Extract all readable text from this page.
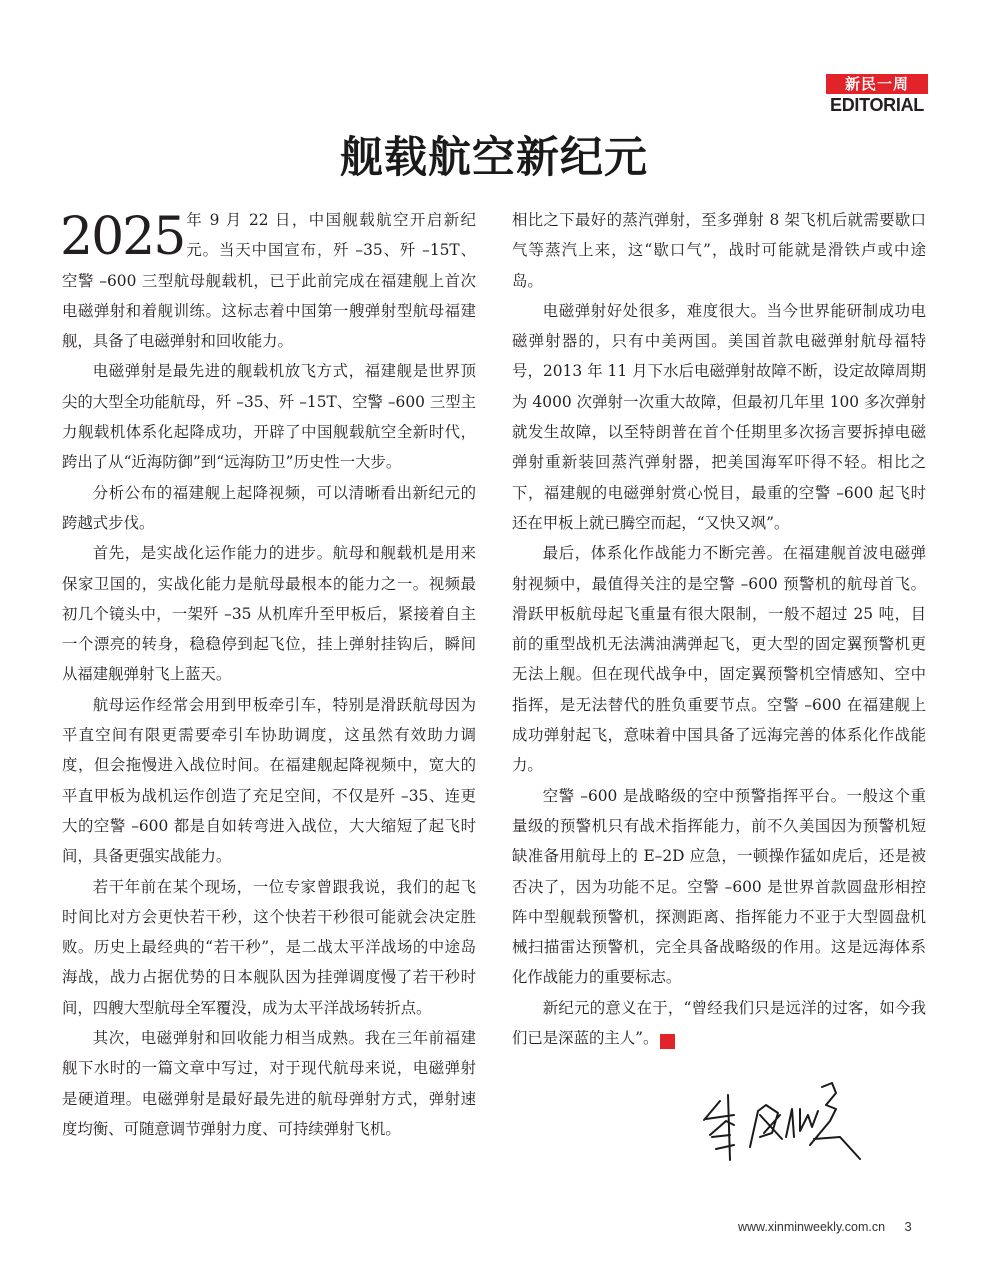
新民一周
EDITORIAL
舰载航空新纪元

2025 年 9 月 22 日，中国舰载航空开启新纪元。当天中国宣布，歼 –35、歼 –15T、空警 –600 三型航母舰载机，已于此前完成在福建舰上首次电磁弹射和着舰训练。这标志着中国第一艘弹射型航母福建舰，具备了电磁弹射和回收能力。

电磁弹射是最先进的舰载机放飞方式，福建舰是世界顶尖的大型全功能航母，歼 –35、歼 –15T、空警 –600 三型主力舰载机体系化起降成功，开辟了中国舰载航空全新时代，跨出了从“近海防御”到“远海防卫”历史性一大步。

分析公布的福建舰上起降视频，可以清晰看出新纪元的跨越式步伐。

首先，是实战化运作能力的进步。航母和舰载机是用来保家卫国的，实战化能力是航母最根本的能力之一。视频最初几个镜头中，一架歼 –35 从机库升至甲板后，紧接着自主一个漂亮的转身，稳稳停到起飞位，挂上弹射挂钩后，瞬间从福建舰弹射飞上蓝天。

航母运作经常会用到甲板牵引车，特别是滑跃航母因为平直空间有限更需要牵引车协助调度，这虽然有效助力调度，但会拖慢进入战位时间。在福建舰起降视频中，宽大的平直甲板为战机运作创造了充足空间，不仅是歼 –35、连更大的空警 –600 都是自如转弯进入战位，大大缩短了起飞时间，具备更强实战能力。

若干年前在某个现场，一位专家曾跟我说，我们的起飞时间比对方会更快若干秒，这个快若干秒很可能就会决定胜败。历史上最经典的“若干秒”，是二战太平洋战场的中途岛海战，战力占据优势的日本舰队因为挂弹调度慢了若干秒时间，四艘大型航母全军覆没，成为太平洋战场转折点。

其次，电磁弹射和回收能力相当成熟。我在三年前福建舰下水时的一篇文章中写过，对于现代航母来说，电磁弹射是硬道理。电磁弹射是最好最先进的航母弹射方式，弹射速度均衡、可随意调节弹射力度、可持续弹射飞机。

相比之下最好的蒸汽弹射，至多弹射 8 架飞机后就需要歇口气等蒸汽上来，这“歇口气”，战时可能就是滑铁卢或中途岛。

电磁弹射好处很多，难度很大。当今世界能研制成功电磁弹射器的，只有中美两国。美国首款电磁弹射航母福特号，2013 年 11 月下水后电磁弹射故障不断，设定故障周期为 4000 次弹射一次重大故障，但最初几年里 100 多次弹射就发生故障，以至特朗普在首个任期里多次扬言要拆掉电磁弹射重新装回蒸汽弹射器，把美国海军吓得不轻。相比之下，福建舰的电磁弹射赏心悦目，最重的空警 –600 起飞时还在甲板上就已腾空而起，“又快又飒”。

最后，体系化作战能力不断完善。在福建舰首波电磁弹射视频中，最值得关注的是空警 –600 预警机的航母首飞。滑跃甲板航母起飞重量有很大限制，一般不超过 25 吨，目前的重型战机无法满油满弹起飞，更大型的固定翼预警机更无法上舰。但在现代战争中，固定翼预警机空情感知、空中指挥，是无法替代的胜负重要节点。空警 –600 在福建舰上成功弹射起飞，意味着中国具备了远海完善的体系化作战能力。

空警 –600 是战略级的空中预警指挥平台。一般这个重量级的预警机只有战术指挥能力，前不久美国因为预警机短缺准备用航母上的 E–2D 应急，一顿操作猛如虎后，还是被否决了，因为功能不足。空警 –600 是世界首款圆盘形相控阵中型舰载预警机，探测距离、指挥能力不亚于大型圆盘机械扫描雷达预警机，完全具备战略级的作用。这是远海体系化作战能力的重要标志。

新纪元的意义在于，“曾经我们只是远洋的过客，如今我们已是深蓝的主人”。	民

www.xinminweekly.com.cn 3
